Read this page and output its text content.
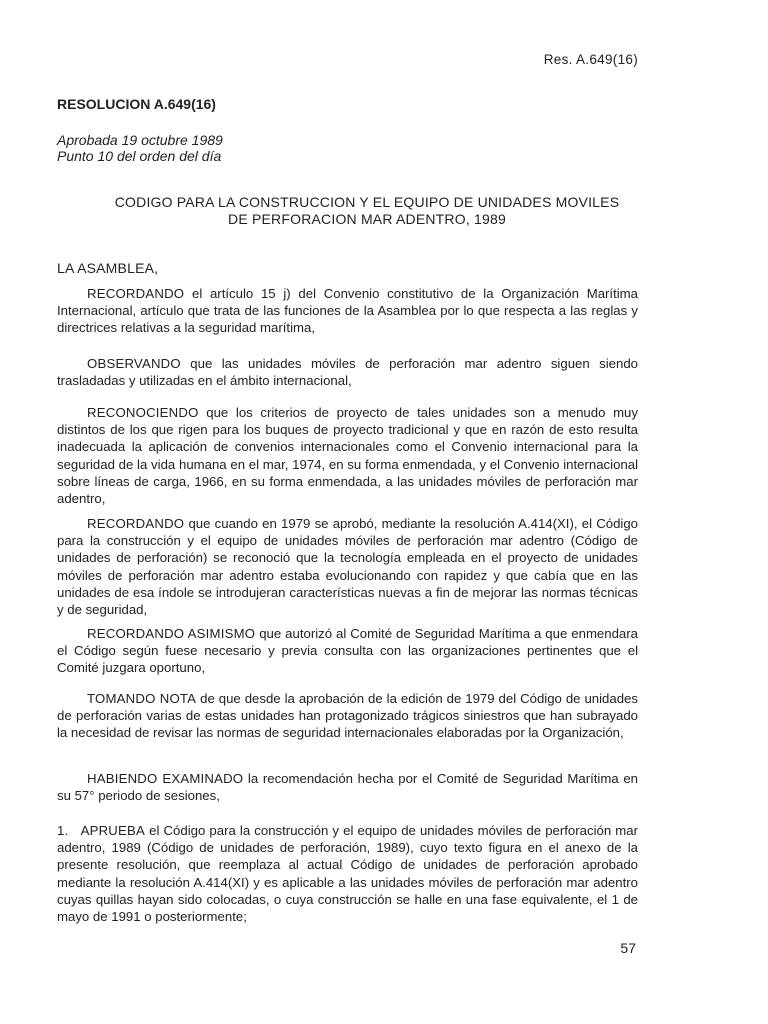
Res. A.649(16)
RESOLUCION A.649(16)
Aprobada 19 octubre 1989
Punto 10 del orden del día
CODIGO PARA LA CONSTRUCCION Y EL EQUIPO DE UNIDADES MOVILES
DE PERFORACION MAR ADENTRO, 1989
LA ASAMBLEA,

RECORDANDO el artículo 15 j) del Convenio constitutivo de la Organización Marítima Internacional, artículo que trata de las funciones de la Asamblea por lo que respecta a las reglas y directrices relativas a la seguridad marítima,

OBSERVANDO que las unidades móviles de perforación mar adentro siguen siendo trasladadas y utilizadas en el ámbito internacional,

RECONOCIENDO que los criterios de proyecto de tales unidades son a menudo muy distintos de los que rigen para los buques de proyecto tradicional y que en razón de esto resulta inadecuada la aplicación de convenios internacionales como el Convenio internacional para la seguridad de la vida humana en el mar, 1974, en su forma enmendada, y el Convenio internacional sobre líneas de carga, 1966, en su forma enmendada, a las unidades móviles de perforación mar adentro,

RECORDANDO que cuando en 1979 se aprobó, mediante la resolución A.414(XI), el Código para la construcción y el equipo de unidades móviles de perforación mar adentro (Código de unidades de perforación) se reconoció que la tecnología empleada en el proyecto de unidades móviles de perforación mar adentro estaba evolucionando con rapidez y que cabía que en las unidades de esa índole se introdujeran características nuevas a fin de mejorar las normas técnicas y de seguridad,

RECORDANDO ASIMISMO que autorizó al Comité de Seguridad Marítima a que enmendara el Código según fuese necesario y previa consulta con las organizaciones pertinentes que el Comité juzgara oportuno,

TOMANDO NOTA de que desde la aprobación de la edición de 1979 del Código de unidades de perforación varias de estas unidades han protagonizado trágicos siniestros que han subrayado la necesidad de revisar las normas de seguridad internacionales elaboradas por la Organización,

HABIENDO EXAMINADO la recomendación hecha por el Comité de Seguridad Marítima en su 57° periodo de sesiones,

1.   APRUEBA el Código para la construcción y el equipo de unidades móviles de perforación mar adentro, 1989 (Código de unidades de perforación, 1989), cuyo texto figura en el anexo de la presente resolución, que reemplaza al actual Código de unidades de perforación aprobado mediante la resolución A.414(XI) y es aplicable a las unidades móviles de perforación mar adentro cuyas quillas hayan sido colocadas, o cuya construcción se halle en una fase equivalente, el 1 de mayo de 1991 o posteriormente;

57
